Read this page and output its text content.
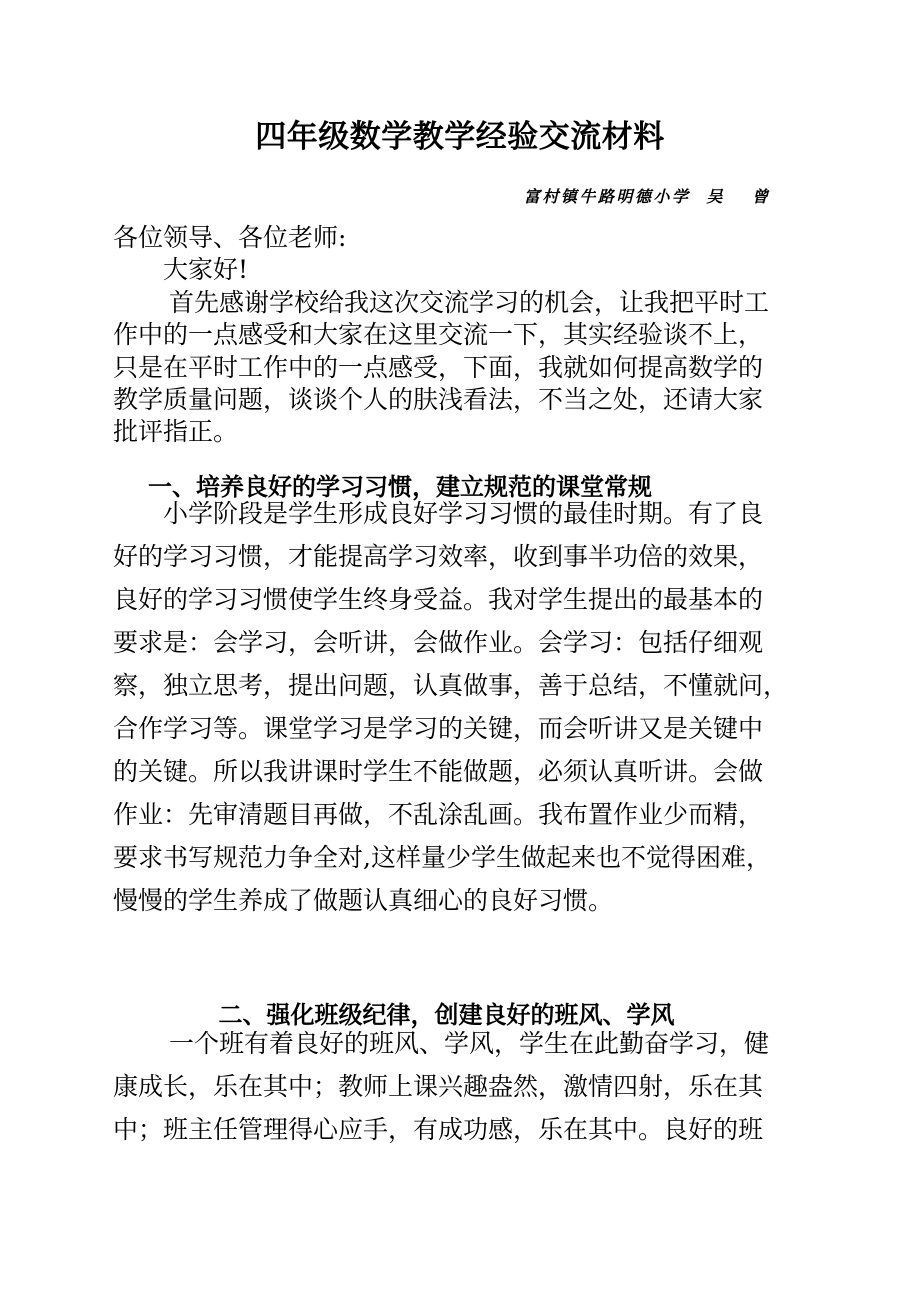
四年级数学教学经验交流材料
富村镇牛路明德小学 吴 曾
各位领导、各位老师:
大家好!
首先感谢学校给我这次交流学习的机会，让我把平时工
作中的一点感受和大家在这里交流一下，其实经验谈不上，
只是在平时工作中的一点感受，下面，我就如何提高数学的
教学质量问题，谈谈个人的肤浅看法，不当之处，还请大家
批评指正。
一、培养良好的学习习惯，建立规范的课堂常规
小学阶段是学生形成良好学习习惯的最佳时期。有了良
好的学习习惯，才能提高学习效率，收到事半功倍的效果，
良好的学习习惯使学生终身受益。我对学生提出的最基本的
要求是：会学习，会听讲，会做作业。会学习：包括仔细观
察，独立思考，提出问题，认真做事，善于总结，不懂就问，
合作学习等。课堂学习是学习的关键，而会听讲又是关键中
的关键。所以我讲课时学生不能做题，必须认真听讲。会做
作业：先审清题目再做，不乱涂乱画。我布置作业少而精，
要求书写规范力争全对,这样量少学生做起来也不觉得困难，
慢慢的学生养成了做题认真细心的良好习惯。
二、强化班级纪律，创建良好的班风、学风
一个班有着良好的班风、学风，学生在此勤奋学习，健
康成长，乐在其中；教师上课兴趣盎然，激情四射，乐在其
中；班主任管理得心应手，有成功感，乐在其中。良好的班
